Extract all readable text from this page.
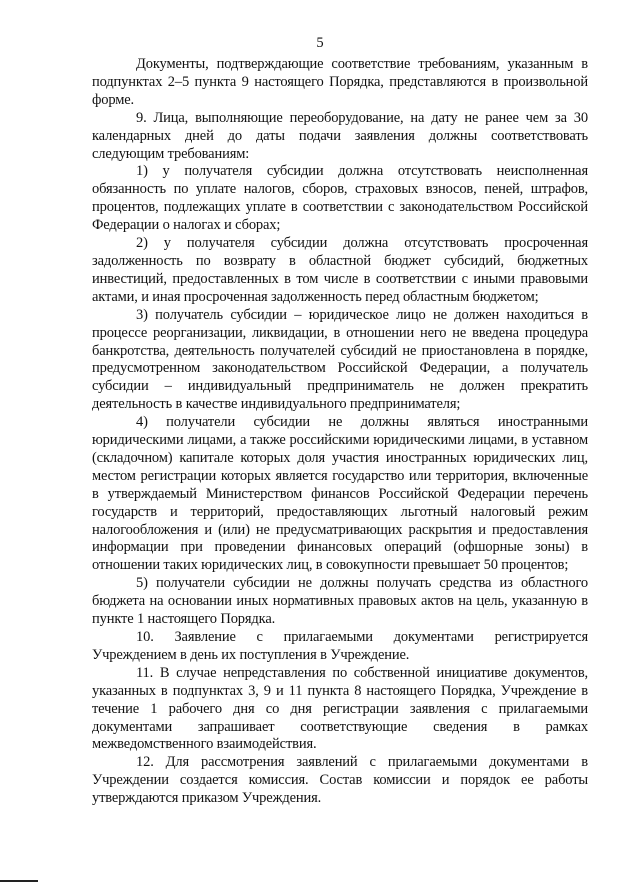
5

Документы, подтверждающие соответствие требованиям, указанным в подпунктах 2–5 пункта 9 настоящего Порядка, представляются в произвольной форме.

9. Лица, выполняющие переоборудование, на дату не ранее чем за 30 календарных дней до даты подачи заявления должны соответствовать следующим требованиям:

1) у получателя субсидии должна отсутствовать неисполненная обязанность по уплате налогов, сборов, страховых взносов, пеней, штрафов, процентов, подлежащих уплате в соответствии с законодательством Российской Федерации о налогах и сборах;

2) у получателя субсидии должна отсутствовать просроченная задолженность по возврату в областной бюджет субсидий, бюджетных инвестиций, предоставленных в том числе в соответствии с иными правовыми актами, и иная просроченная задолженность перед областным бюджетом;

3) получатель субсидии – юридическое лицо не должен находиться в процессе реорганизации, ликвидации, в отношении него не введена процедура банкротства, деятельность получателей субсидий не приостановлена в порядке, предусмотренном законодательством Российской Федерации, а получатель субсидии – индивидуальный предприниматель не должен прекратить деятельность в качестве индивидуального предпринимателя;

4) получатели субсидии не должны являться иностранными юридическими лицами, а также российскими юридическими лицами, в уставном (складочном) капитале которых доля участия иностранных юридических лиц, местом регистрации которых является государство или территория, включенные в утверждаемый Министерством финансов Российской Федерации перечень государств и территорий, предоставляющих льготный налоговый режим налогообложения и (или) не предусматривающих раскрытия и предоставления информации при проведении финансовых операций (офшорные зоны) в отношении таких юридических лиц, в совокупности превышает 50 процентов;

5) получатели субсидии не должны получать средства из областного бюджета на основании иных нормативных правовых актов на цель, указанную в пункте 1 настоящего Порядка.

10. Заявление с прилагаемыми документами регистрируется Учреждением в день их поступления в Учреждение.

11. В случае непредставления по собственной инициативе документов, указанных в подпунктах 3, 9 и 11 пункта 8 настоящего Порядка, Учреждение в течение 1 рабочего дня со дня регистрации заявления с прилагаемыми документами запрашивает соответствующие сведения в рамках межведомственного взаимодействия.

12. Для рассмотрения заявлений с прилагаемыми документами в Учреждении создается комиссия. Состав комиссии и порядок ее работы утверждаются приказом Учреждения.
